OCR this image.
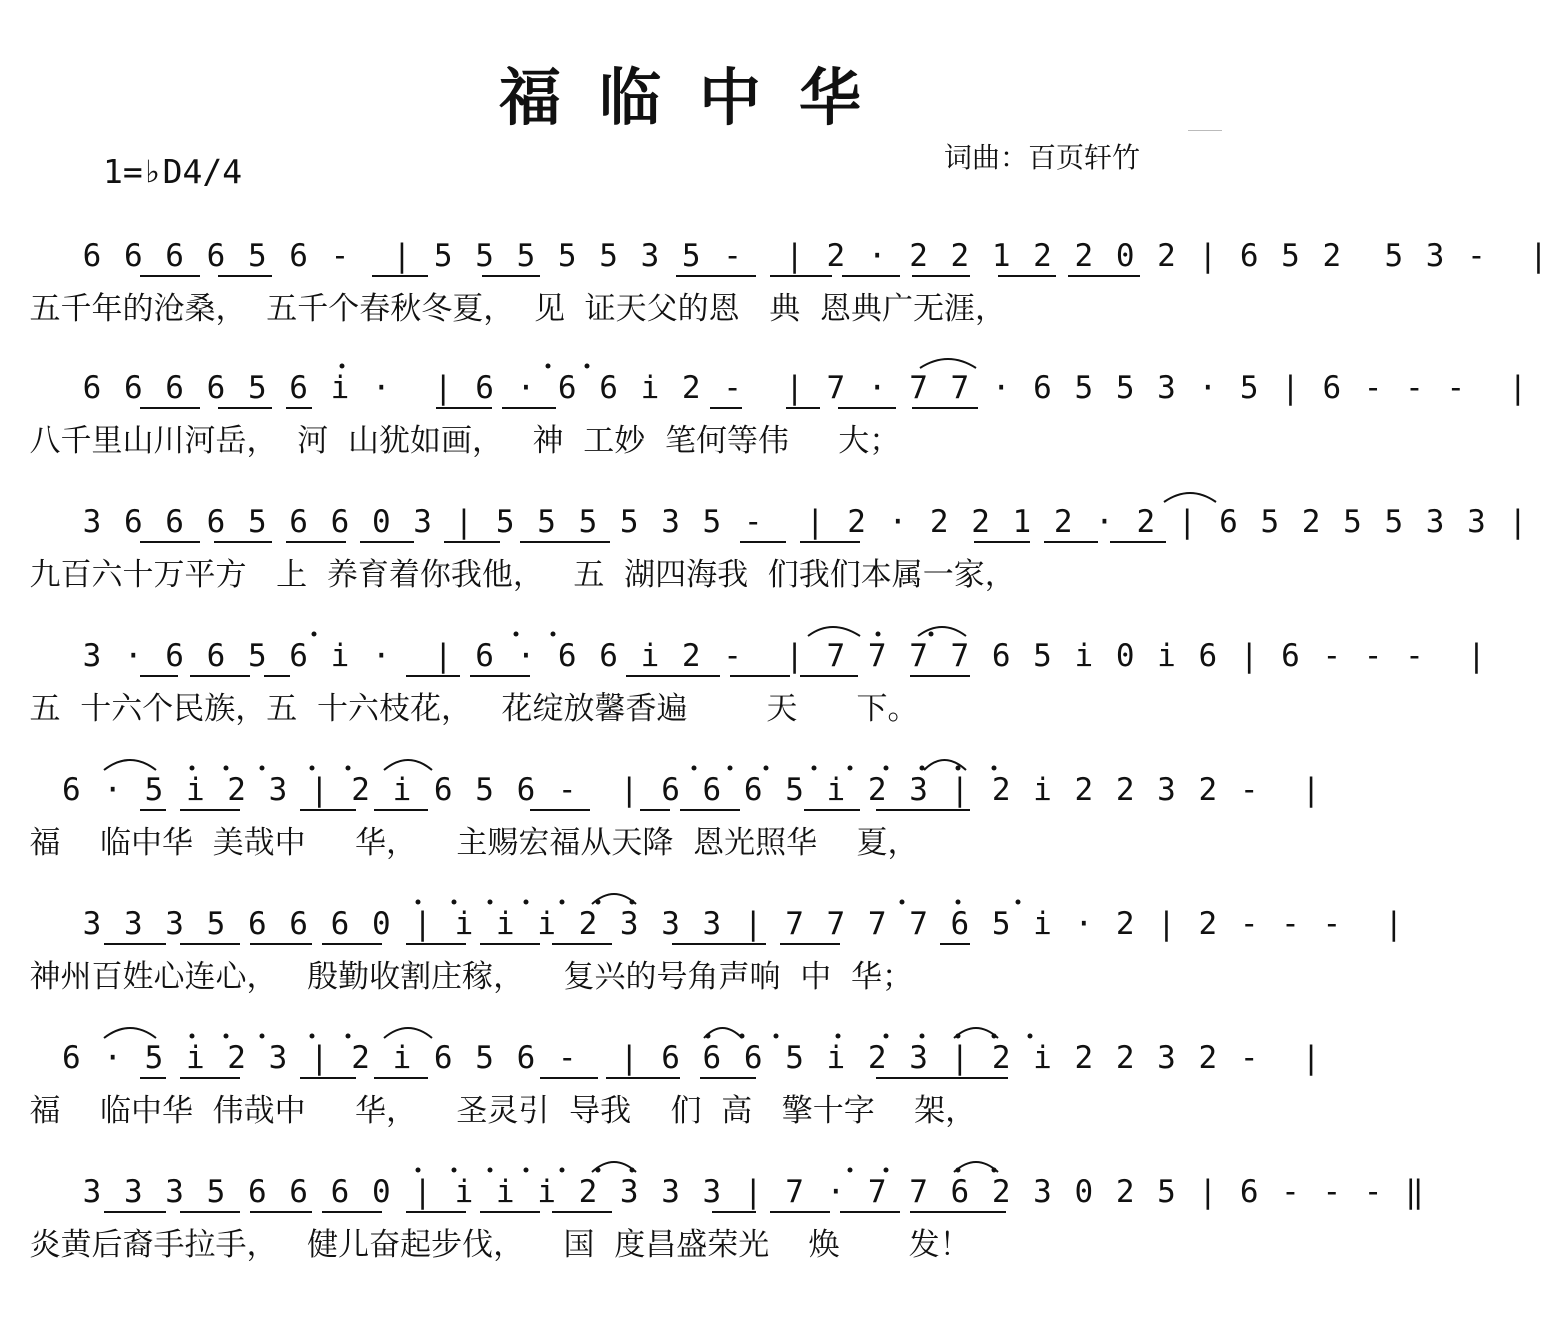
福临中华
1=♭D4/4	词曲：百页轩竹
6 6 6 6 5 6 -  | 5 5 5 5 5 3 5 -  | 2 · 2 2 1 2 2 0 2 | 6 5 2  5 3 -  |
五千年的沧桑，  五千个春秋冬夏，  见  证天父的恩   典  恩典广无涯，
6 6 6 6 5 6 i ·  | 6 · 6 6 i 2 -  | 7 · 7 7 · 6 5 5 3 · 5 | 6 - - -  |
八千里山川河岳，  河  山犹如画，   神  工妙  笔何等伟     大；
3 6 6 6 5 6 6 0 3 | 5 5 5 5 3 5 -  | 2 · 2 2 1 2 · 2 | 6 5 2 5 5 3 3 |
九百六十万平方   上  养育着你我他，   五  湖四海我  们我们本属一家，
3 · 6 6 5 6 i ·  | 6 · 6 6 i 2 -  | 7 7 7 7 6 5 i 0 i 6 | 6 - - -  |
五  十六个民族，五  十六枝花，   花绽放馨香遍        天      下。
6 · 5 i 2 3 | 2 i 6 5 6 -  | 6 6 6 5 i 2 3 | 2 i 2 2 3 2 -  |
福    临中华  美哉中     华，    主赐宏福从天降  恩光照华    夏，
3 3 3 5 6 6 6 0 | i i i 2 3 3 3 | 7 7 7 7 6 5 i · 2 | 2 - - -  |
神州百姓心连心，   殷勤收割庄稼，    复兴的号角声响  中  华；
6 · 5 i 2 3 | 2 i 6 5 6 -  | 6 6 6 5 i 2 3 | 2 i 2 2 3 2 -  |
福    临中华  伟哉中     华，    圣灵引  导我    们  高   擎十字    架，
3 3 3 5 6 6 6 0 | i i i 2 3 3 3 | 7 · 7 7 6 2 3 0 2 5 | 6 - - - ‖
炎黄后裔手拉手，   健儿奋起步伐，    国  度昌盛荣光    焕       发！
